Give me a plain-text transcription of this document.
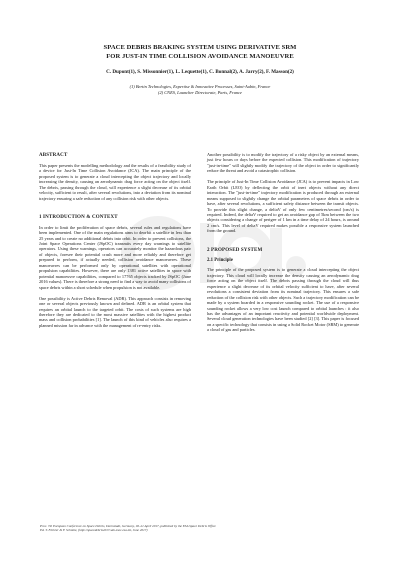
SPACE DEBRIS BRAKING SYSTEM USING DERIVATIVE SRM
FOR JUST-IN TIME COLLISION AVOIDANCE MANOEUVRE
C. Dupont(1), S. Missonnier(1), L. Lequette(1), C. Bonnal(2), A. Jarry(2), F. Masson(2)
(1) Bertin Technologies, Expertise & Innovative Processes, Saint-Aubin, France
(2) CNES, Launcher Directorate, Paris, France
ABSTRACT

This paper presents the modelling methodology and the results of a feasibility study of a device for Just-In Time Collision Avoidance (JCA). The main principle of the proposed system is to generate a cloud intercepting the object trajectory and locally increasing the density, causing an aerodynamic drag force acting on the object itself. The debris, passing through the cloud, will experience a slight decrease of its orbital velocity, sufficient to result, after several revolutions, into a deviation from its nominal trajectory ensuring a safe reduction of any collision risk with other objects.

1 INTRODUCTION & CONTEXT

In order to limit the proliferation of space debris, several rules and regulations have been implemented. One of the main regulations aims to deorbit a satellite in less than 25 years and to create no additional debris into orbit. In order to prevent collisions, the Joint Space Operations Center (JSpOC) transmits every day warnings to satellite operators. Using these warnings, operators can accurately monitor the hazardous pair of objects, foresee their potential crash more and more reliably and therefore get prepared to perform, if actually needed, collision avoidance manoeuvres. These manoeuvres can be performed only by operational satellites with operational propulsion capabilities. However, there are only 1381 active satellites in space with potential manoeuvre capabilities, compared to 17765 objects tracked by JSpOC (June 2016 values). There is therefore a strong need to find a way to avoid many collisions of space debris within a short schedule when propulsion is not available.

One possibility is Active Debris Removal (ADR). This approach consists in removing one or several objects previously known and defined. ADR is an orbital system that requires an orbital launch to the targeted orbit. The costs of such systems are high therefore they are dedicated to the most massive satellites with the highest product mass and collision probabilities [1]. The launch of this kind of vehicles also requires a planned mission far in advance with the management of re-entry risks.

Another possibility is to modify the trajectory of a risky object by an external means, just few hours or days before the expected collision. This modification of trajectory "just-in-time" will slightly modify the trajectory of the object in order to significantly reduce the threat and avoid a catastrophic collision.

The principle of Just-In Time Collision Avoidance (JCA) is to prevent impacts in Low Earth Orbit (LEO) by deflecting the orbit of inert objects without any direct interaction. The "just-in-time" trajectory modification is produced through an external means supposed to slightly change the orbital parameters of space debris in order to have, after several revolutions, a sufficient safety distance between the transit objects. To provide this slight change, a deltaV of only few centimetres/second (cm/s) is required. Indeed, the deltaV required to get an avoidance gap of 5km between the two objects considering a change of perigee of 1 km in a time delay of 24 hours, is around 2 cm/s. This level of deltaV required makes possible a responsive system launched from the ground.

2 PROPOSED SYSTEM
2.1 Principle

The principle of the proposed system is to generate a cloud intercepting the object trajectory. This cloud will locally increase the density causing an aerodynamic drag force acting on the object itself. The debris passing through the cloud will thus experience a slight decrease of its orbital velocity sufficient to have, after several revolutions a consistent deviation from its nominal trajectory. This ensures a safe reduction of the collision risk with other objects. Such a trajectory modification can be made by a system boarded in a responsive sounding rocket. The use of a responsive sounding rocket allows a very low cost launch compared to orbital launches : it also has the advantages of an important reactivity and potential worldwide deployment. Several cloud generation technologies have been studied [2] [3]. This paper is focused on a specific technology that consists in using a Solid Rocket Motor (SRM) to generate a cloud of gas and particles.

Proc. 7th European Conference on Space Debris, Darmstadt, Germany, 18–21 April 2017, published by the ESA Space Debris Office
Ed. T. Flohrer & F. Schmitz, (http://spacedebris2017.sdo.esoc.esa.int, June 2017)
